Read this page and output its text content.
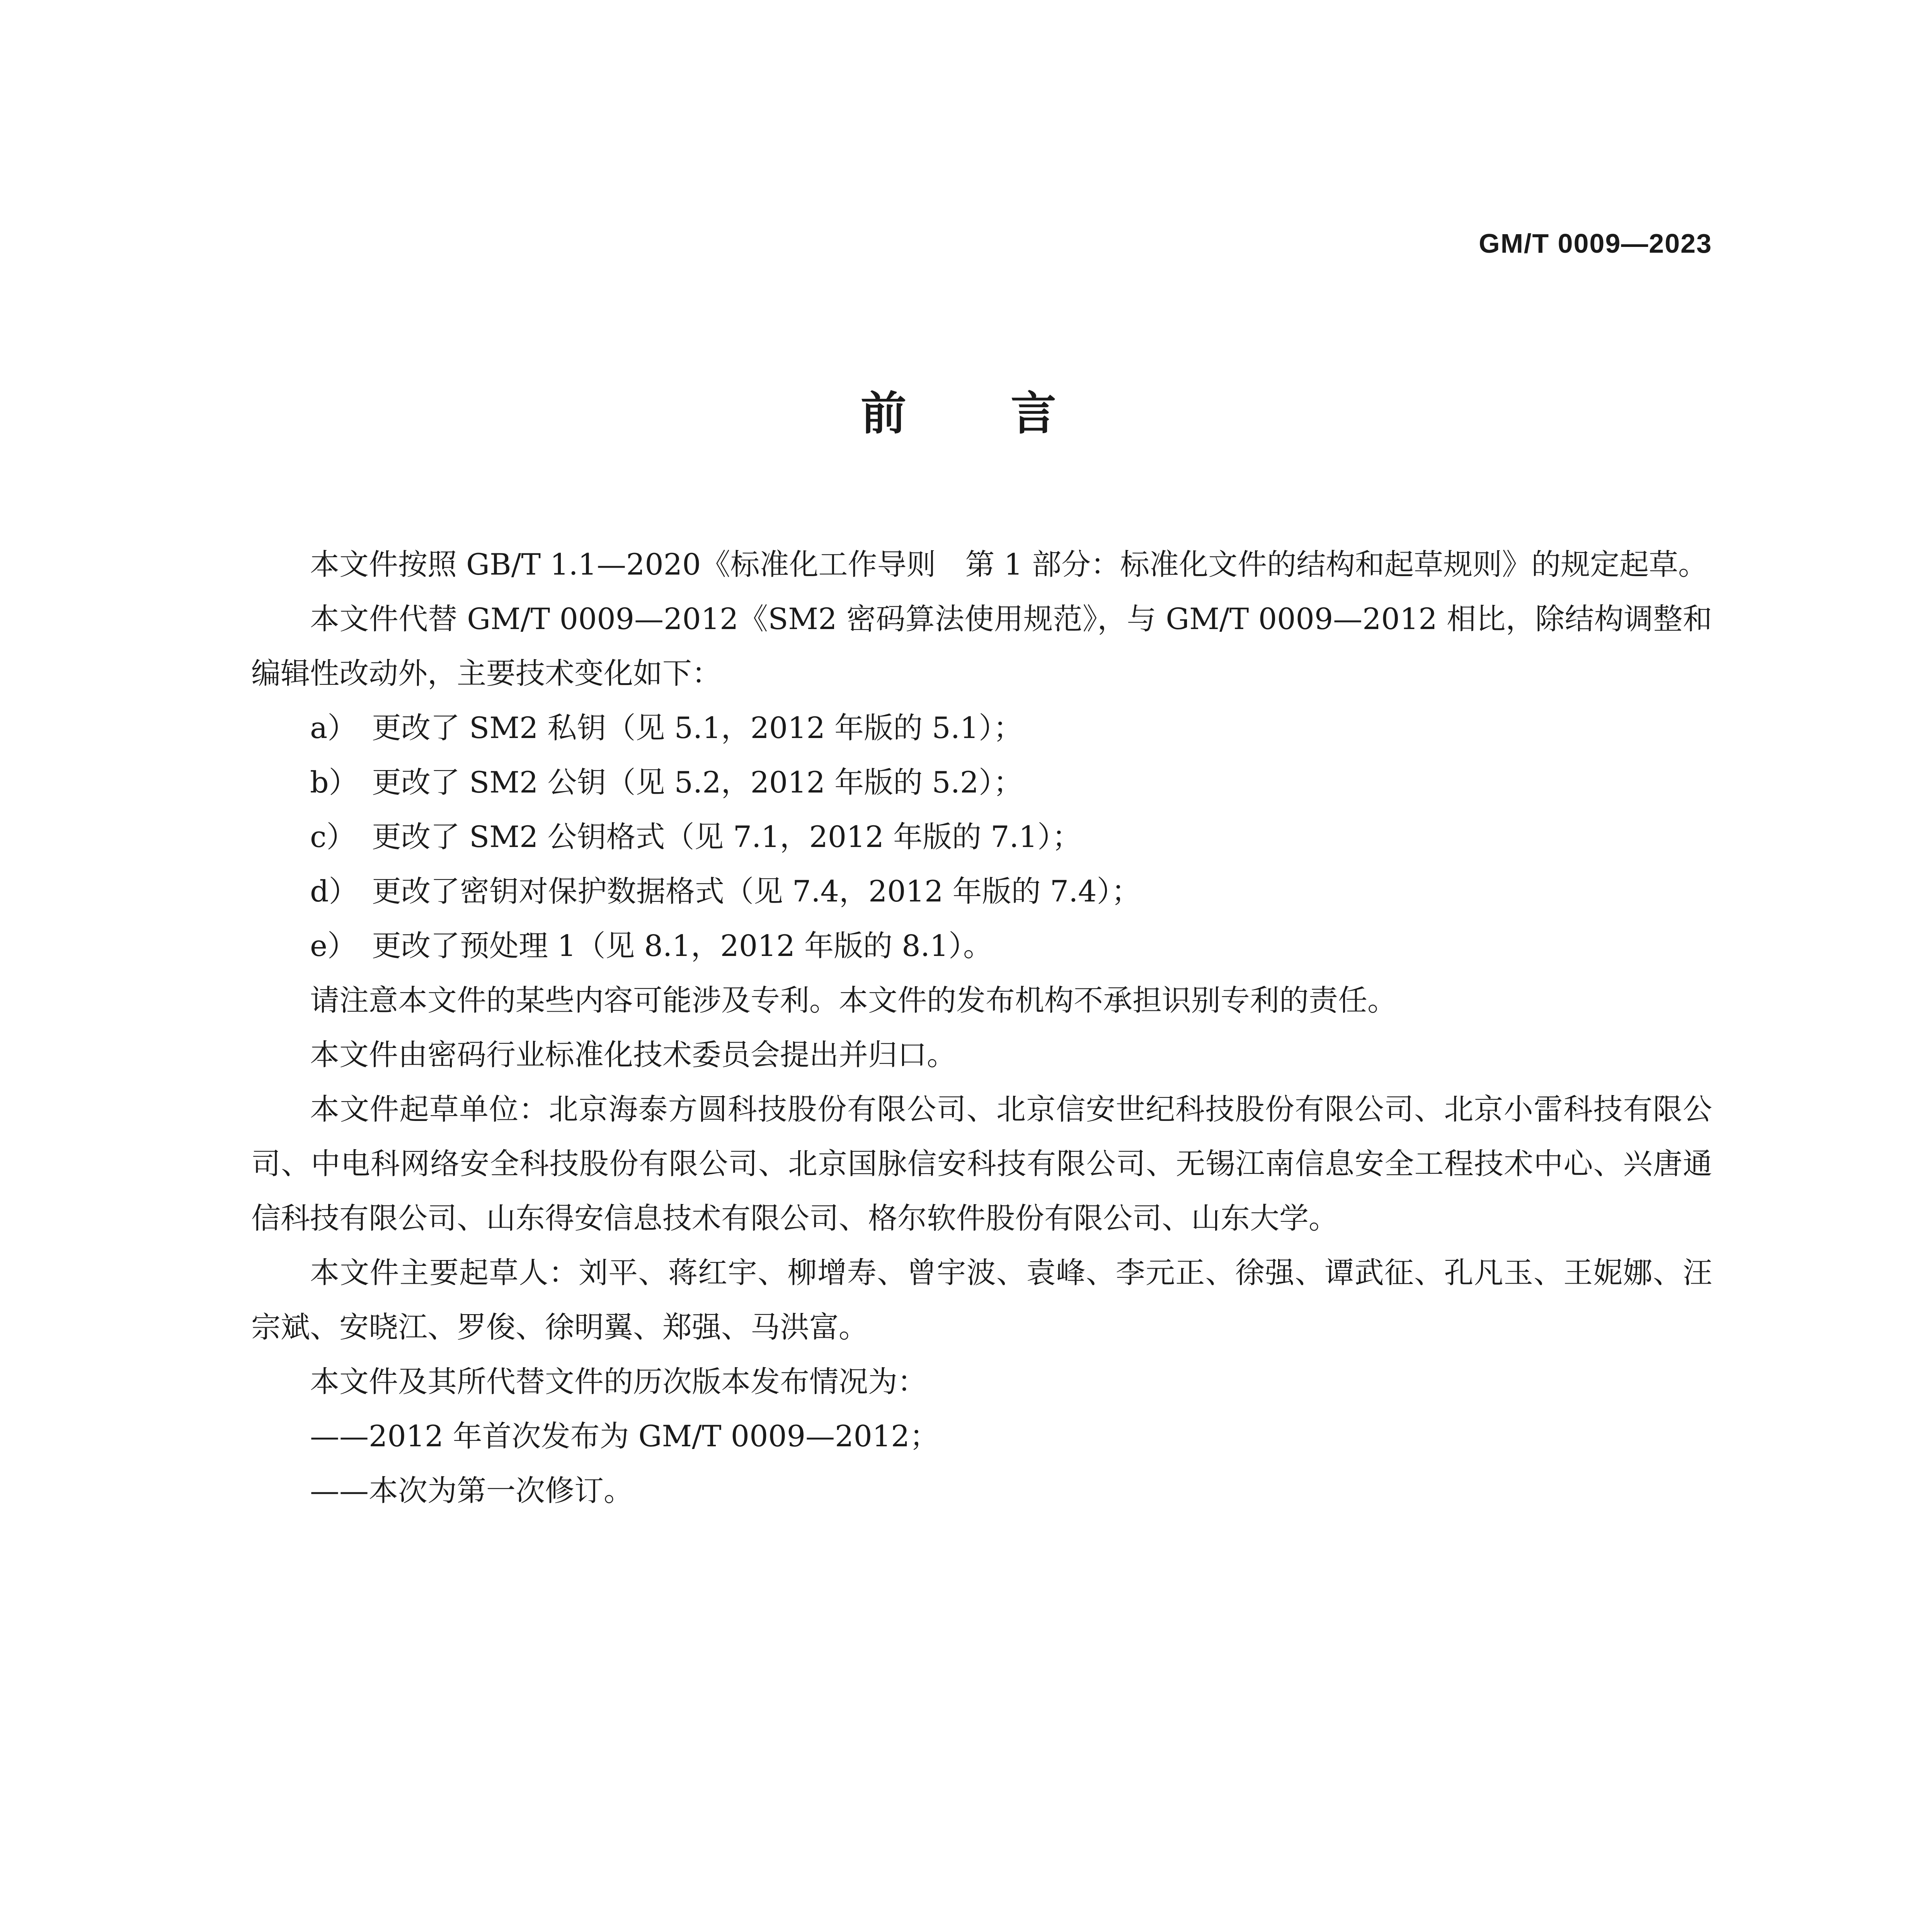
GM/T 0009—2023
前 言

本文件按照 GB/T 1.1—2020《标准化工作导则　第 1 部分：标准化文件的结构和起草规则》的规定起草。

本文件代替 GM/T 0009—2012《SM2 密码算法使用规范》，与 GM/T 0009—2012 相比，除结构调整和编辑性改动外，主要技术变化如下：

a） 更改了 SM2 私钥（见 5.1，2012 年版的 5.1）；
b） 更改了 SM2 公钥（见 5.2，2012 年版的 5.2）；
c） 更改了 SM2 公钥格式（见 7.1，2012 年版的 7.1）；
d） 更改了密钥对保护数据格式（见 7.4，2012 年版的 7.4）；
e） 更改了预处理 1（见 8.1，2012 年版的 8.1）。

请注意本文件的某些内容可能涉及专利。本文件的发布机构不承担识别专利的责任。

本文件由密码行业标准化技术委员会提出并归口。

本文件起草单位：北京海泰方圆科技股份有限公司、北京信安世纪科技股份有限公司、北京小雷科技有限公司、中电科网络安全科技股份有限公司、北京国脉信安科技有限公司、无锡江南信息安全工程技术中心、兴唐通信科技有限公司、山东得安信息技术有限公司、格尔软件股份有限公司、山东大学。

本文件主要起草人：刘平、蒋红宇、柳增寿、曾宇波、袁峰、李元正、徐强、谭武征、孔凡玉、王妮娜、汪宗斌、安晓江、罗俊、徐明翼、郑强、马洪富。

本文件及其所代替文件的历次版本发布情况为：

——2012 年首次发布为 GM/T 0009—2012；
——本次为第一次修订。
